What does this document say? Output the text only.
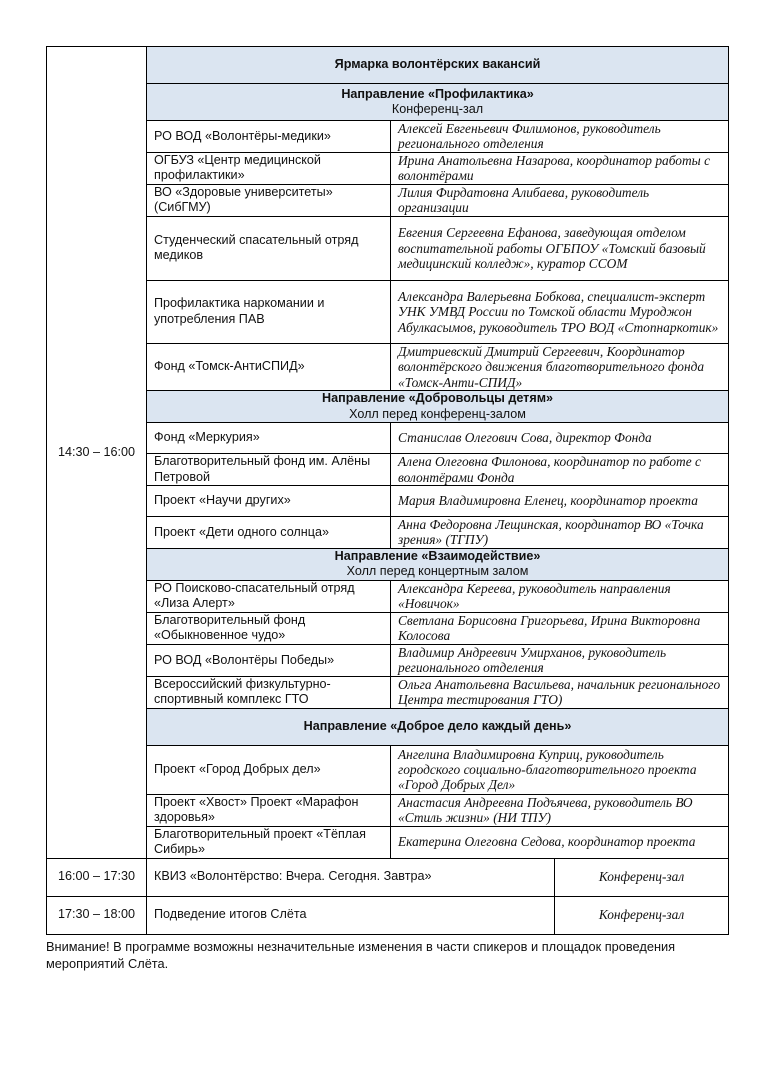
14:30 – 16:00	Ярмарка волонтёрских вакансий		

	Направление «Профилактика»
Конференц-зал		

	РО ВОД «Волонтёры-медики»	Алексей Евгеньевич Филимонов, руководитель регионального отделения	
	ОГБУЗ «Центр медицинской профилактики»	Ирина Анатольевна Назарова, координатор работы с волонтёрами	
	ВО «Здоровые университеты» (СибГМУ)	Лилия Фирдатовна Алибаева, руководитель организации	
	Студенческий спасательный отряд медиков	Евгения Сергеевна Ефанова, заведующая отделом воспитательной работы ОГБПОУ «Томский базовый медицинский колледж», куратор ССОМ	
	Профилактика наркомании и употребления ПАВ	Александра Валерьевна Бобкова, специалист-эксперт УНК УМВД России по Томской области Муроджон Абулкасымов, руководитель ТРО ВОД «Стопнаркотик»	
	Фонд «Томск-АнтиСПИД»	Дмитриевский Дмитрий Сергеевич, Координатор волонтёрского движения благотворительного фонда «Томск-Анти-СПИД»	

	Направление «Добровольцы детям»
Холл перед конференц-залом		

	Фонд «Меркурия»	Станислав Олегович Сова, директор Фонда	
	Благотворительный фонд им. Алёны Петровой	Алена Олеговна Филонова, координатор по работе с волонтёрами Фонда	
	Проект «Научи других»	Мария Владимировна Еленец, координатор проекта	
	Проект «Дети одного солнца»	Анна Федоровна Лещинская, координатор ВО «Точка зрения» (ТГПУ)	

	Направление «Взаимодействие»
Холл перед концертным залом		

	РО Поисково-спасательный отряд «Лиза Алерт»	Александра Кереева, руководитель направления «Новичок»	
	Благотворительный фонд «Обыкновенное чудо»	Светлана Борисовна Григорьева, Ирина Викторовна Колосова	
	РО ВОД «Волонтёры Победы»	Владимир Андреевич Умирханов, руководитель регионального отделения	
	Всероссийский физкультурно-спортивный комплекс ГТО	Ольга Анатольевна Васильева, начальник регионального Центра тестирования ГТО)	
	Направление «Доброе дело каждый день»		
	Проект «Город Добрых дел»	Ангелина Владимировна Куприц, руководитель городского социально-благотворительного проекта «Город Добрых Дел»	
	Проект «Хвост» Проект «Марафон здоровья»	Анастасия Андреевна Подъячева, руководитель ВО «Стиль жизни» (НИ ТПУ)	
	Благотворительный проект «Тёплая Сибирь»	Екатерина Олеговна Седова, координатор проекта	

16:00 – 17:30	КВИЗ «Волонтёрство: Вчера. Сегодня. Завтра»		Конференц-зал
17:30 – 18:00	Подведение итогов Слёта		Конференц-зал
Внимание! В программе возможны незначительные изменения в части спикеров и площадок проведения мероприятий Слёта.
